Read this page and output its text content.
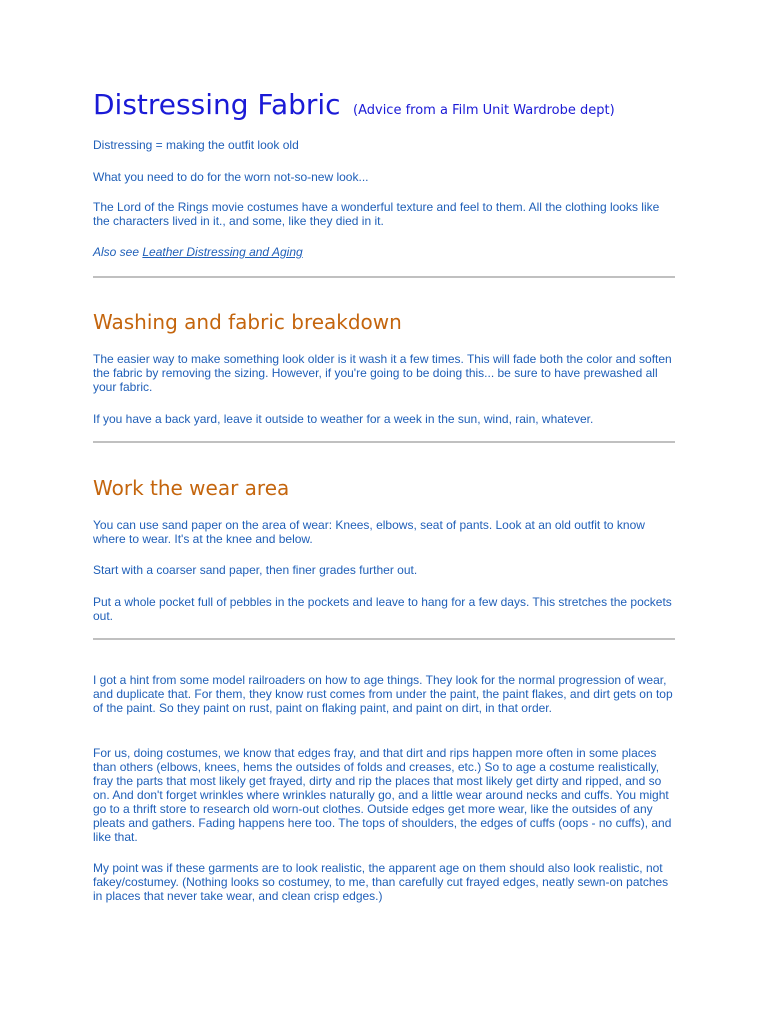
Distressing Fabric (Advice from a Film Unit Wardrobe dept)

Distressing = making the outfit look old

What you need to do for the worn not-so-new look...

The Lord of the Rings movie costumes have a wonderful texture and feel to them. All the clothing looks like the characters lived in it., and some, like they died in it.

Also see Leather Distressing and Aging

Washing and fabric breakdown

The easier way to make something look older is it wash it a few times. This will fade both the color and soften the fabric by removing the sizing. However, if you're going to be doing this... be sure to have prewashed all your fabric.

If you have a back yard, leave it outside to weather for a week in the sun, wind, rain, whatever.

Work the wear area

You can use sand paper on the area of wear: Knees, elbows, seat of pants. Look at an old outfit to know where to wear. It's at the knee and below.

Start with a coarser sand paper, then finer grades further out.

Put a whole pocket full of pebbles in the pockets and leave to hang for a few days. This stretches the pockets out.

I got a hint from some model railroaders on how to age things. They look for the normal progression of wear, and duplicate that. For them, they know rust comes from under the paint, the paint flakes, and dirt gets on top of the paint. So they paint on rust, paint on flaking paint, and paint on dirt, in that order.

For us, doing costumes, we know that edges fray, and that dirt and rips happen more often in some places than others (elbows, knees, hems the outsides of folds and creases, etc.) So to age a costume realistically, fray the parts that most likely get frayed, dirty and rip the places that most likely get dirty and ripped, and so on. And don't forget wrinkles where wrinkles naturally go, and a little wear around necks and cuffs. You might go to a thrift store to research old worn-out clothes. Outside edges get more wear, like the outsides of any pleats and gathers. Fading happens here too. The tops of shoulders, the edges of cuffs (oops - no cuffs), and like that.

My point was if these garments are to look realistic, the apparent age on them should also look realistic, not fakey/costumey. (Nothing looks so costumey, to me, than carefully cut frayed edges, neatly sewn-on patches in places that never take wear, and clean crisp edges.)
